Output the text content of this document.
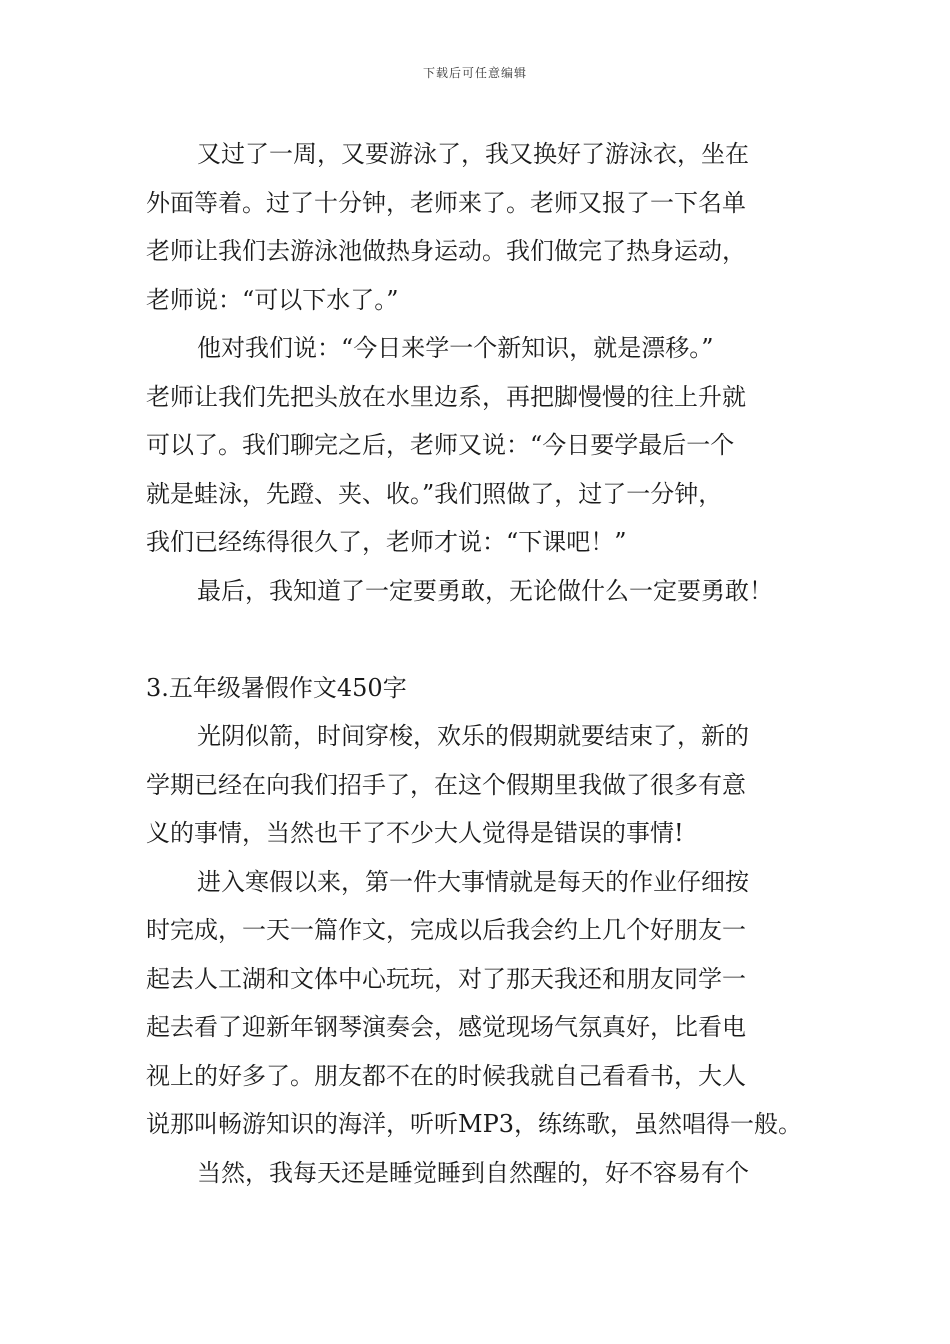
下载后可任意编辑
又过了一周，又要游泳了，我又换好了游泳衣，坐在
外面等着。过了十分钟，老师来了。老师又报了一下名单
老师让我们去游泳池做热身运动。我们做完了热身运动，
老师说：“可以下水了。”
他对我们说：“今日来学一个新知识，就是漂移。”
老师让我们先把头放在水里边系，再把脚慢慢的往上升就
可以了。我们聊完之后，老师又说：“今日要学最后一个
就是蛙泳，先蹬、夹、收。”我们照做了，过了一分钟，
我们已经练得很久了，老师才说：“下课吧！”
最后，我知道了一定要勇敢，无论做什么一定要勇敢！
3.五年级暑假作文450字
光阴似箭，时间穿梭，欢乐的假期就要结束了，新的
学期已经在向我们招手了，在这个假期里我做了很多有意
义的事情，当然也干了不少大人觉得是错误的事情!
进入寒假以来，第一件大事情就是每天的作业仔细按
时完成，一天一篇作文，完成以后我会约上几个好朋友一
起去人工湖和文体中心玩玩，对了那天我还和朋友同学一
起去看了迎新年钢琴演奏会，感觉现场气氛真好，比看电
视上的好多了。朋友都不在的时候我就自己看看书，大人
说那叫畅游知识的海洋，听听MP3，练练歌，虽然唱得一般。
当然，我每天还是睡觉睡到自然醒的，好不容易有个
